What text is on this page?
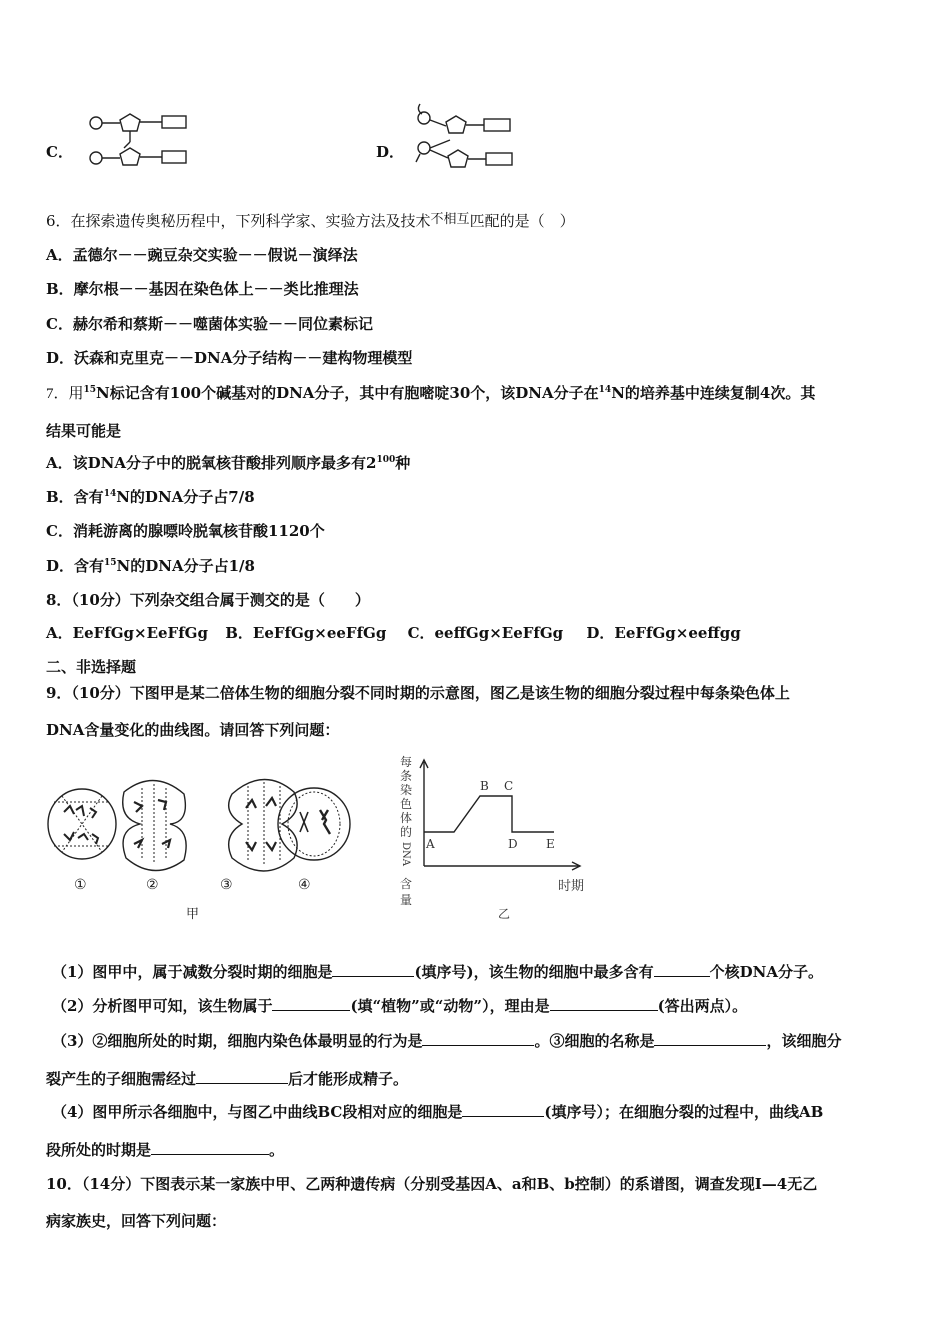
C．	D．
6．在探索遗传奥秘历程中，下列科学家、实验方法及技术不相互匹配的是（　）
A．孟德尔－－豌豆杂交实验－－假说－演绎法
B．摩尔根－－基因在染色体上－－类比推理法
C．赫尔希和蔡斯－－噬菌体实验－－同位素标记
D．沃森和克里克－－DNA分子结构－－建构物理模型
7．用$^{15}$N标记含有100个碱基对的DNA分子，其中有胞嘧啶30个，该DNA分子在$^{14}$N的培养基中连续复制4次。其
结果可能是
A．该DNA分子中的脱氧核苷酸排列顺序最多有$2^{100}$种
B．含有$^{14}$N的DNA分子占7/8
C．消耗游离的腺嘌呤脱氧核苷酸1120个
D．含有$^{15}$N的DNA分子占1/8
8．（10分）下列杂交组合属于测交的是（　　）
A．EeFfGg×EeFfGg B．EeFfGg×eeFfGg C．eeffGg×EeFfGg D．EeFfGg×eeffgg
二、非选择题
9．（10分）下图甲是某二倍体生物的细胞分裂不同时期的示意图，图乙是该生物的细胞分裂过程中每条染色体上
DNA含量变化的曲线图。请回答下列问题：
①	②	③	④
甲
每
条
染
色
体
的
DNA
含
量
时期
B C
A	D E
乙
（1）图甲中，属于减数分裂时期的细胞是	(填序号)，该生物的细胞中最多含有	个核DNA分子。
（2）分析图甲可知，该生物属于	(填“植物”或“动物”），理由是	(答出两点）。
（3）②细胞所处的时期，细胞内染色体最明显的行为是	。③细胞的名称是	，该细胞分
裂产生的子细胞需经过	后才能形成精子。
（4）图甲所示各细胞中，与图乙中曲线BC段相对应的细胞是	(填序号）；在细胞分裂的过程中，曲线AB
段所处的时期是	。
10．（14分）下图表示某一家族中甲、乙两种遗传病（分别受基因A、a和B、b控制）的系谱图，调查发现Ⅰ—4无乙
病家族史，回答下列问题：
